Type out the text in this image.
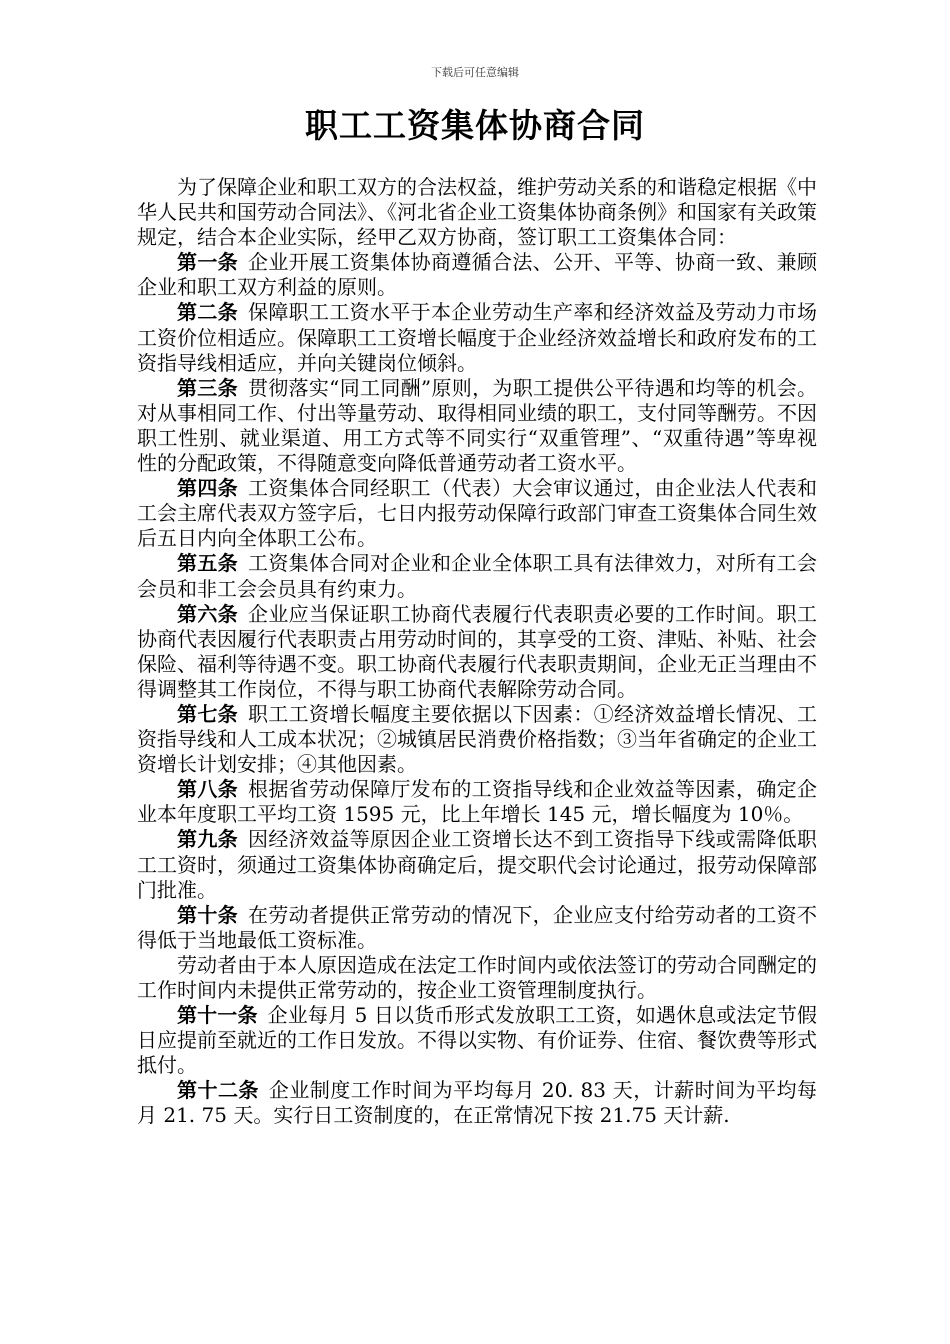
下载后可任意编辑
职工工资集体协商合同

为了保障企业和职工双方的合法权益，维护劳动关系的和谐稳定根据《中华人民共和国劳动合同法》、《河北省企业工资集体协商条例》和国家有关政策规定，结合本企业实际，经甲乙双方协商，签订职工工资集体合同：

第一条 企业开展工资集体协商遵循合法、公开、平等、协商一致、兼顾企业和职工双方利益的原则。

第二条 保障职工工资水平于本企业劳动生产率和经济效益及劳动力市场工资价位相适应。保障职工工资增长幅度于企业经济效益增长和政府发布的工资指导线相适应，并向关键岗位倾斜。

第三条 贯彻落实“同工同酬”原则，为职工提供公平待遇和均等的机会。对从事相同工作、付出等量劳动、取得相同业绩的职工，支付同等酬劳。不因职工性别、就业渠道、用工方式等不同实行“双重管理”、“双重待遇”等卑视性的分配政策，不得随意变向降低普通劳动者工资水平。

第四条 工资集体合同经职工（代表）大会审议通过，由企业法人代表和工会主席代表双方签字后，七日内报劳动保障行政部门审查工资集体合同生效后五日内向全体职工公布。

第五条 工资集体合同对企业和企业全体职工具有法律效力，对所有工会会员和非工会会员具有约束力。

第六条 企业应当保证职工协商代表履行代表职责必要的工作时间。职工协商代表因履行代表职责占用劳动时间的，其享受的工资、津贴、补贴、社会保险、福利等待遇不变。职工协商代表履行代表职责期间，企业无正当理由不得调整其工作岗位，不得与职工协商代表解除劳动合同。

第七条 职工工资增长幅度主要依据以下因素：①经济效益增长情况、工资指导线和人工成本状况；②城镇居民消费价格指数；③当年省确定的企业工资增长计划安排；④其他因素。

第八条 根据省劳动保障厅发布的工资指导线和企业效益等因素，确定企业本年度职工平均工资 1595 元，比上年增长 145 元，增长幅度为 10％。

第九条 因经济效益等原因企业工资增长达不到工资指导下线或需降低职工工资时，须通过工资集体协商确定后，提交职代会讨论通过，报劳动保障部门批准。

第十条 在劳动者提供正常劳动的情况下，企业应支付给劳动者的工资不得低于当地最低工资标准。

劳动者由于本人原因造成在法定工作时间内或依法签订的劳动合同酬定的工作时间内未提供正常劳动的，按企业工资管理制度执行。

第十一条 企业每月 5 日以货币形式发放职工工资，如遇休息或法定节假日应提前至就近的工作日发放。不得以实物、有价证券、住宿、餐饮费等形式抵付。

第十二条 企业制度工作时间为平均每月 20. 83 天，计薪时间为平均每月 21. 75 天。实行日工资制度的，在正常情况下按 21.75 天计薪.
